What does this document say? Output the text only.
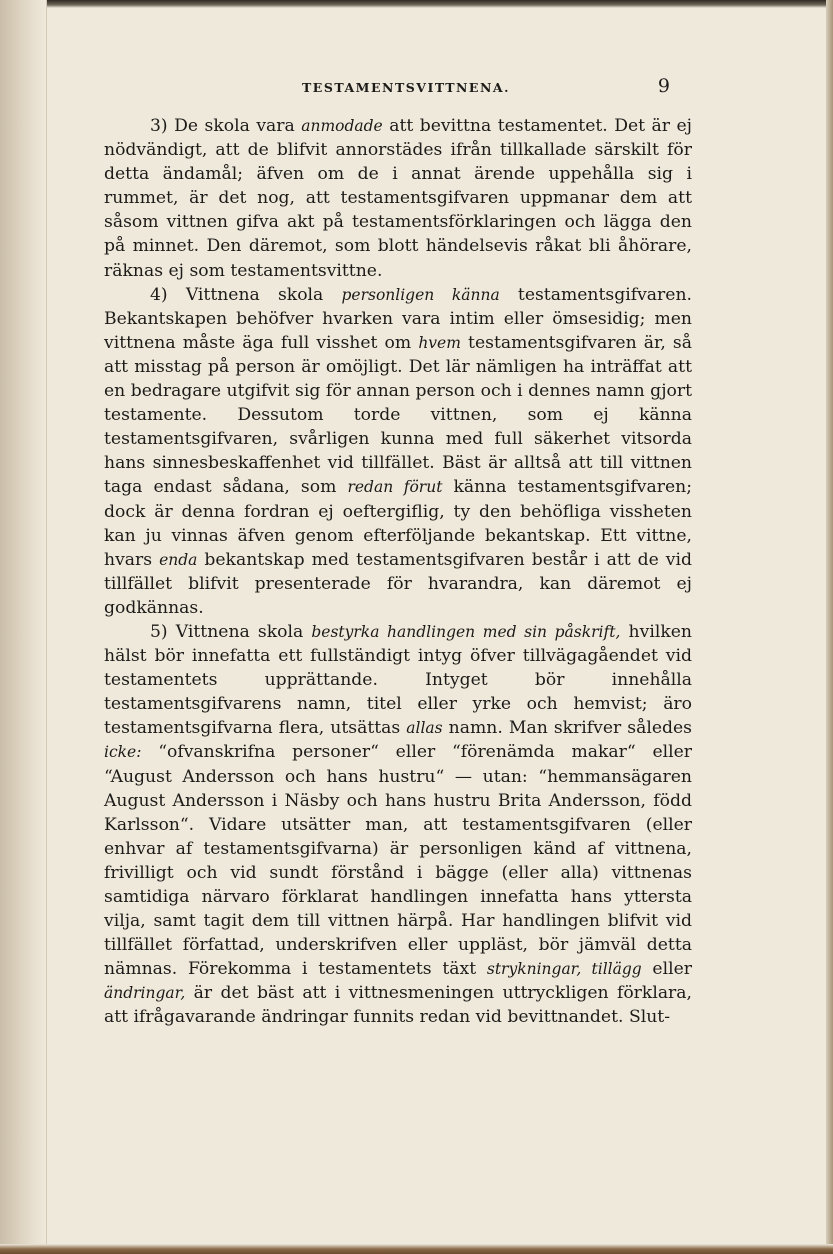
TESTAMENTSVITTNENA.	9

3) De skola vara anmodade att bevittna testamentet. Det är ej nödvändigt, att de blifvit annorstädes ifrån tillkallade särskilt för detta ändamål; äfven om de i annat ärende uppehålla sig i rummet, är det nog, att testamentsgifvaren uppmanar dem att såsom vittnen gifva akt på testamentsförklaringen och lägga den på minnet. Den däremot, som blott händelsevis råkat bli åhörare, räknas ej som testamentsvittne.

4) Vittnena skola personligen känna testamentsgifvaren. Bekantskapen behöfver hvarken vara intim eller ömsesidig; men vittnena måste äga full visshet om hvem testamentsgifvaren är, så att misstag på person är omöjligt. Det lär nämligen ha inträffat att en bedragare utgifvit sig för annan person och i dennes namn gjort testamente. Dessutom torde vittnen, som ej känna testamentsgifvaren, svårligen kunna med full säkerhet vitsorda hans sinnesbeskaffenhet vid tillfället. Bäst är alltså att till vittnen taga endast sådana, som redan förut känna testamentsgifvaren; dock är denna fordran ej oeftergiflig, ty den behöfliga vissheten kan ju vinnas äfven genom efterföljande bekantskap. Ett vittne, hvars enda bekantskap med testamentsgifvaren består i att de vid tillfället blifvit presenterade för hvarandra, kan däremot ej godkännas.

5) Vittnena skola bestyrka handlingen med sin påskrift, hvilken hälst bör innefatta ett fullständigt intyg öfver tillvägagåendet vid testamentets upprättande. Intyget bör innehålla testamentsgifvarens namn, titel eller yrke och hemvist; äro testamentsgifvarna flera, utsättas allas namn. Man skrifver således icke: “ofvanskrifna personer“ eller “förenämda makar“ eller “August Andersson och hans hustru“ — utan: “hemmansägaren August Andersson i Näsby och hans hustru Brita Andersson, född Karlsson“. Vidare utsätter man, att testamentsgifvaren (eller enhvar af testamentsgifvarna) är personligen känd af vittnena, frivilligt och vid sundt förstånd i bägge (eller alla) vittnenas samtidiga närvaro förklarat handlingen innefatta hans yttersta vilja, samt tagit dem till vittnen härpå. Har handlingen blifvit vid tillfället författad, underskrifven eller uppläst, bör jämväl detta nämnas. Förekomma i testamentets täxt strykningar, tillägg eller ändringar, är det bäst att i vittnesmeningen uttryckligen förklara, att ifrågavarande ändringar funnits redan vid bevittnandet. Slut-
